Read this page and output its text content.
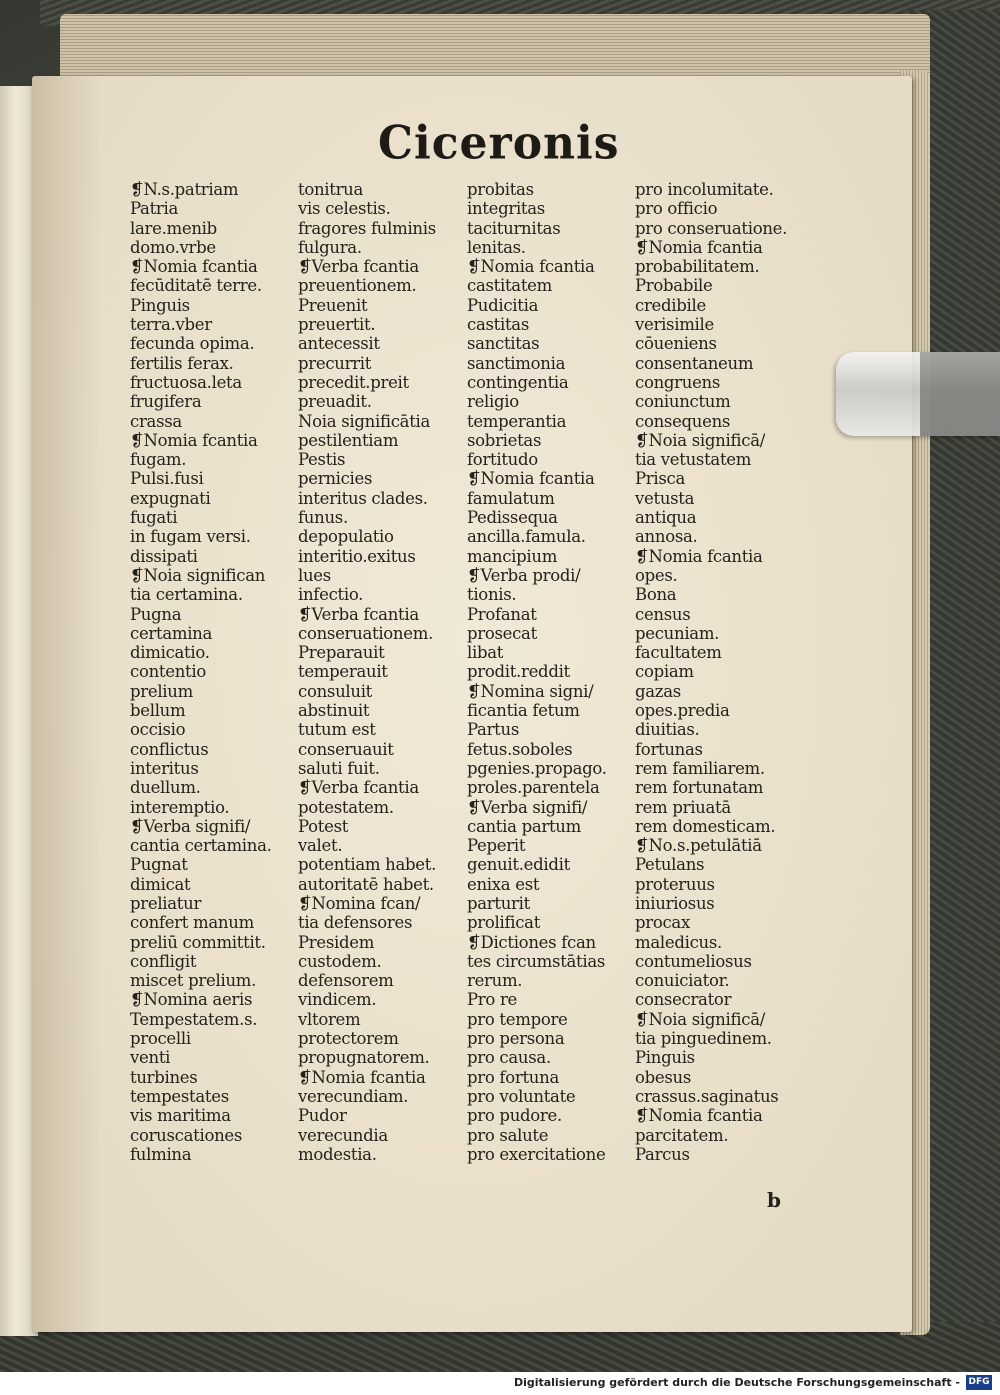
Ciceronis
❡N.s.patriam
Patria
lare.menib
domo.vrbe
❡Nomia fcantia
fecūditatē terre.
Pinguis
terra.vber
fecunda opima.
fertilis ferax.
fructuosa.leta
frugifera
crassa
❡Nomia fcantia
fugam.
Pulsi.fusi
expugnati
fugati
in fugam versi.
dissipati
❡Noia significan
tia certamina.
Pugna
certamina
dimicatio.
contentio
prelium
bellum
occisio
conflictus
interitus
duellum.
interemptio.
❡Verba signifi/
cantia certamina.
Pugnat
dimicat
preliatur
confert manum
preliū committit.
confligit
miscet prelium.
❡Nomina aeris
Tempestatem.s.
procelli
venti
turbines
tempestates
vis maritima
coruscationes
fulmina
tonitrua
vis celestis.
fragores fulminis
fulgura.
❡Verba fcantia
preuentionem.
Preuenit
preuertit.
antecessit
precurrit
precedit.preit
preuadit.
Noia significātia
pestilentiam
Pestis
pernicies
interitus clades.
funus.
depopulatio
interitio.exitus
lues
infectio.
❡Verba fcantia
conseruationem.
Preparauit
temperauit
consuluit
abstinuit
tutum est
conseruauit
saluti fuit.
❡Verba fcantia
potestatem.
Potest
valet.
potentiam habet.
autoritatē habet.
❡Nomina fcan/
tia defensores
Presidem
custodem.
defensorem
vindicem.
vltorem
protectorem
propugnatorem.
❡Nomia fcantia
verecundiam.
Pudor
verecundia
modestia.
probitas
integritas
taciturnitas
lenitas.
❡Nomia fcantia
castitatem
Pudicitia
castitas
sanctitas
sanctimonia
contingentia
religio
temperantia
sobrietas
fortitudo
❡Nomia fcantia
famulatum
Pedissequa
ancilla.famula.
mancipium
❡Verba prodi/
tionis.
Profanat
prosecat
libat
prodit.reddit
❡Nomina signi/
ficantia fetum
Partus
fetus.soboles
pgenies.propago.
proles.parentela
❡Verba signifi/
cantia partum
Peperit
genuit.edidit
enixa est
parturit
prolificat
❡Dictiones fcan
tes circumstātias
rerum.
Pro re
pro tempore
pro persona
pro causa.
pro fortuna
pro voluntate
pro pudore.
pro salute
pro exercitatione
pro incolumitate.
pro officio
pro conseruatione.
❡Nomia fcantia
probabilitatem.
Probabile
credibile
verisimile
cōueniens
consentaneum
congruens
coniunctum
consequens
❡Noia significā/
tia vetustatem
Prisca
vetusta
antiqua
annosa.
❡Nomia fcantia
opes.
Bona
census
pecuniam.
facultatem
copiam
gazas
opes.predia
diuitias.
fortunas
rem familiarem.
rem fortunatam
rem priuatā
rem domesticam.
❡No.s.petulātiā
Petulans
proteruus
iniuriosus
procax
maledicus.
contumeliosus
conuiciator.
consecrator
❡Noia significā/
tia pinguedinem.
Pinguis
obesus
crassus.saginatus
❡Nomia fcantia
parcitatem.
Parcus
b
Digitalisierung gefördert durch die Deutsche Forschungsgemeinschaft - DFG
